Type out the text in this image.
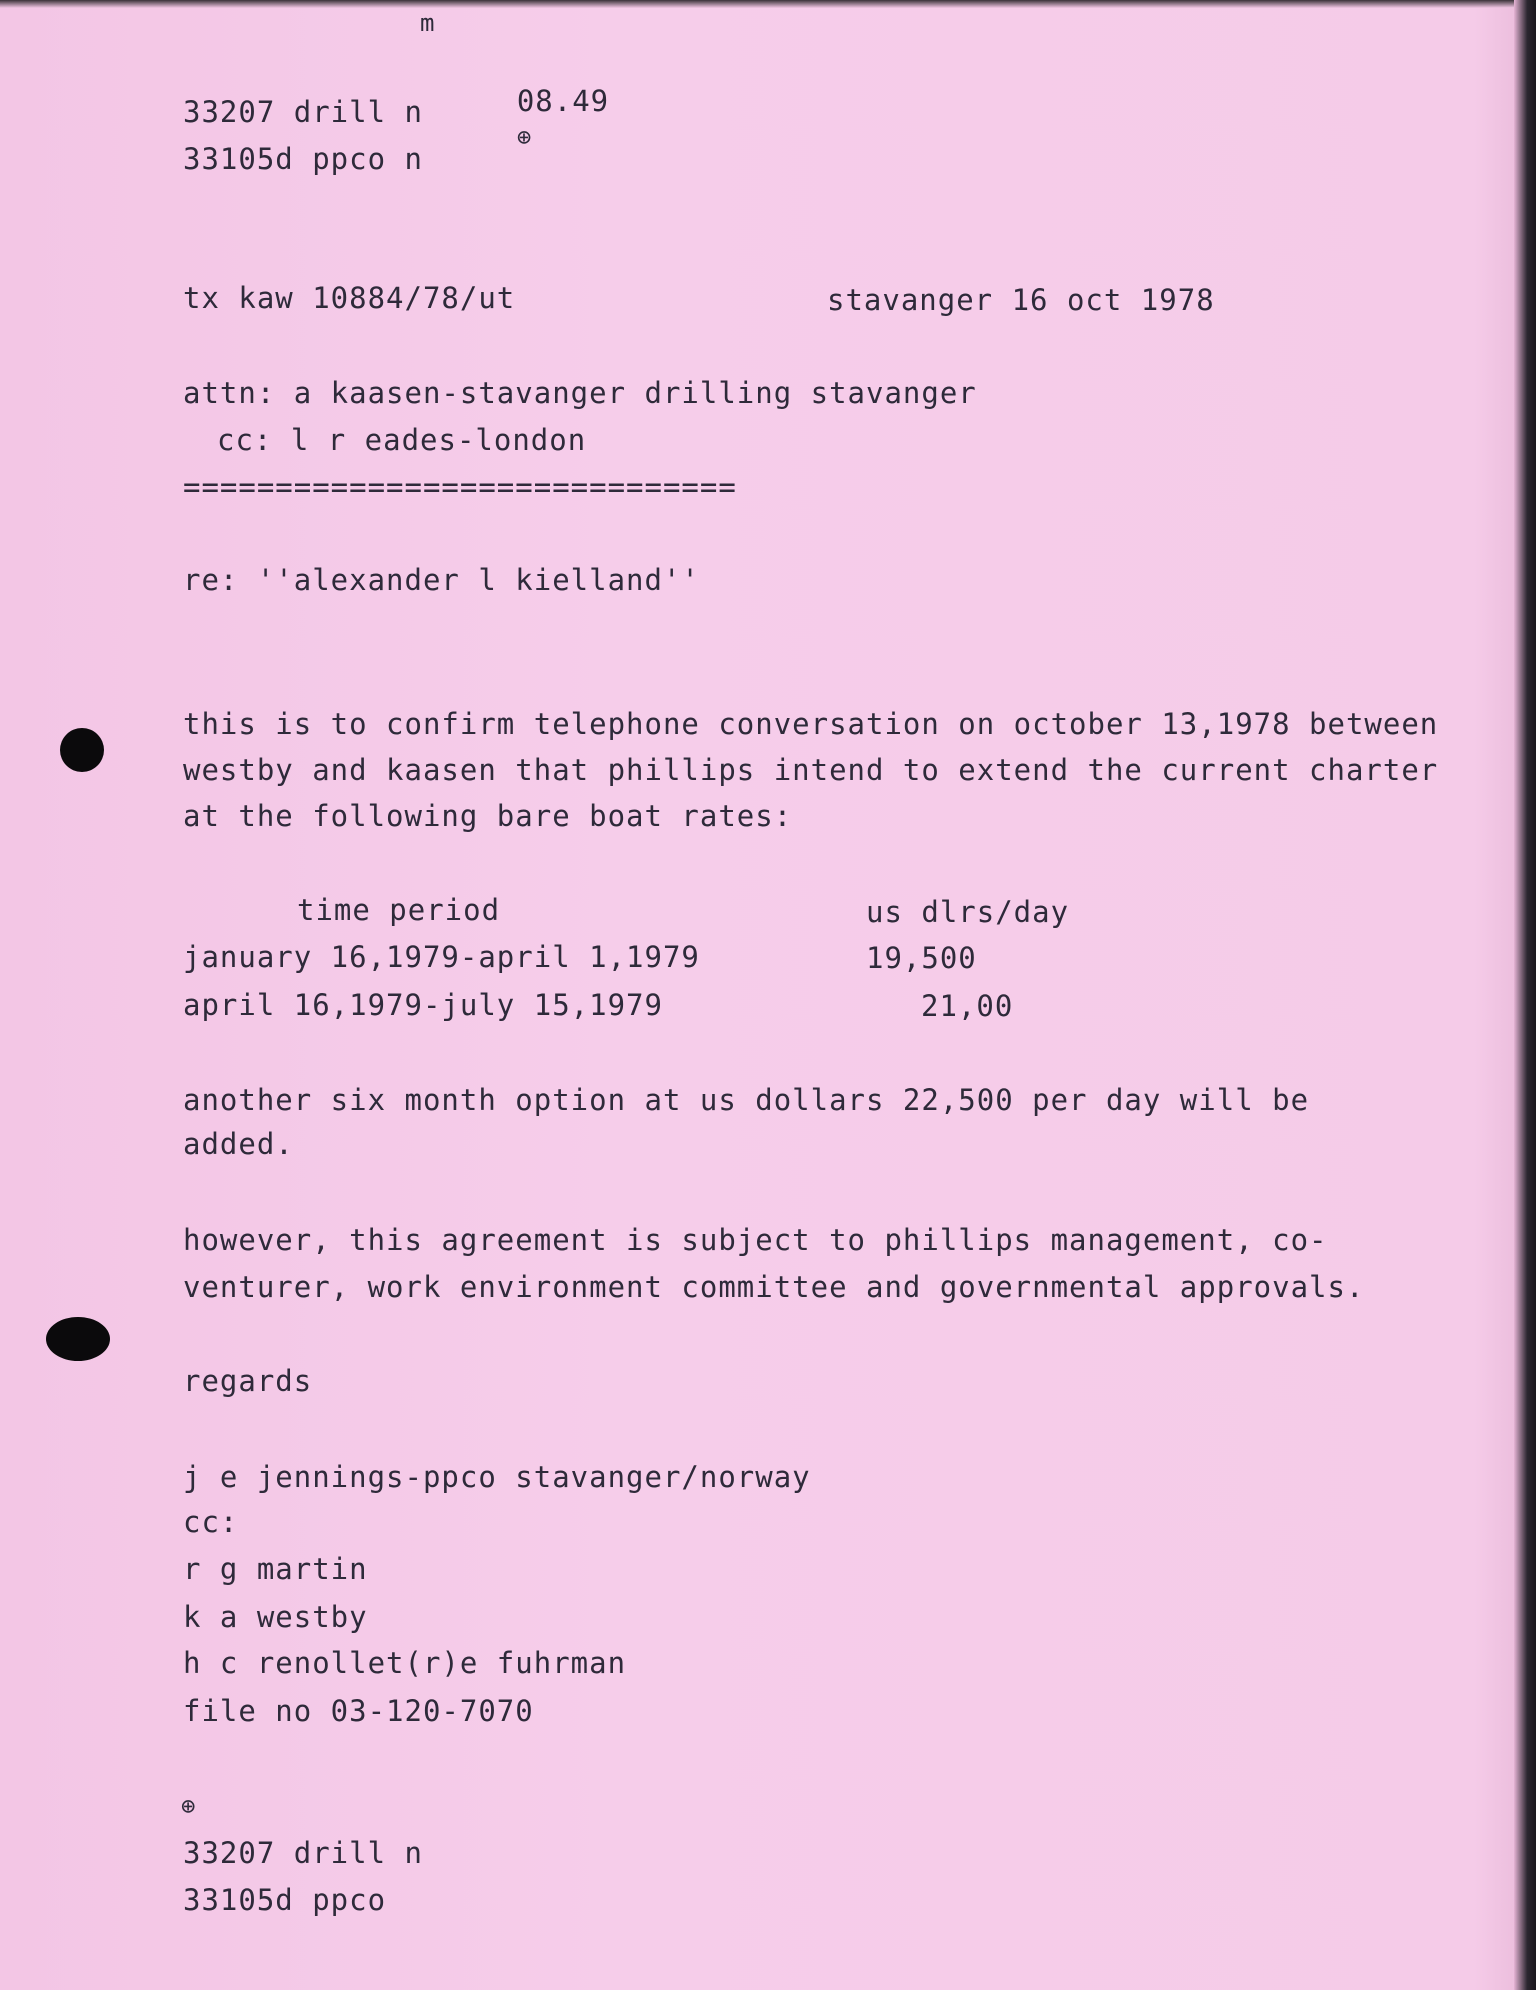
m

08.49
⊕

33207 drill n
33105d ppco n
tx kaw 10884/78/ut	stavanger 16 oct 1978
attn: a kaasen-stavanger drilling stavanger
cc: l r eades-london
==============================
re: ''alexander l kielland''
this is to confirm telephone conversation on october 13,1978 between
westby and kaasen that phillips intend to extend the current charter
at the following bare boat rates:
time period	us dlrs/day
january 16,1979-april 1,1979	19,500
april 16,1979-july 15,1979	21,00
another six month option at us dollars 22,500 per day will be
added.
however, this agreement is subject to phillips management, co-
venturer, work environment committee and governmental approvals.
regards
j e jennings-ppco stavanger/norway
cc:
r g martin
k a westby
h c renollet(r)e fuhrman
file no 03-120-7070
⊕
33207 drill n
33105d ppco
